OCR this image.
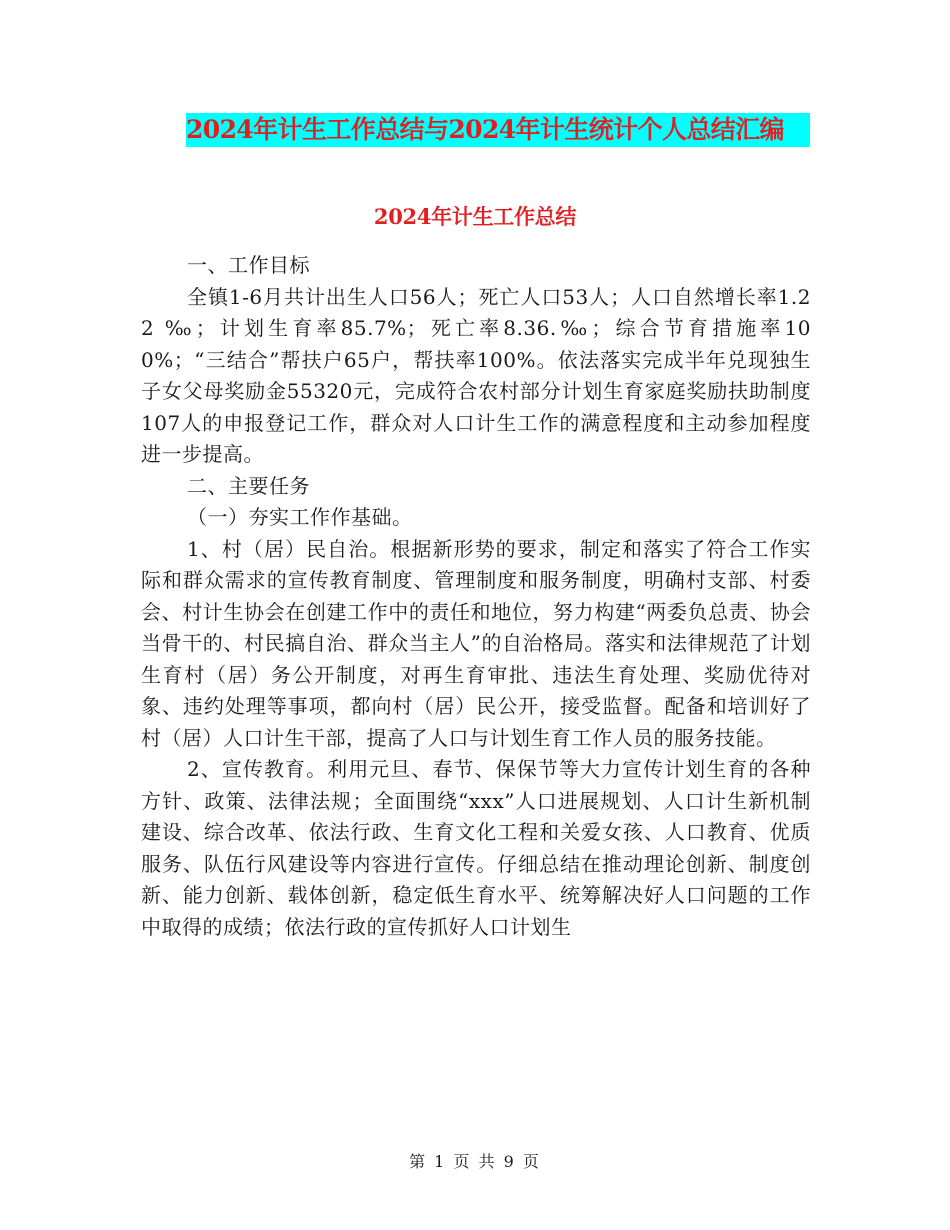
2024年计生工作总结与2024年计生统计个人总结汇编
2024年计生工作总结

一、工作目标

全镇1-6月共计出生人口56人；死亡人口53人；人口自然增长率1.22 ‰；计划生育率85.7%；死亡率8.36.‰；综合节育措施率100%；“三结合”帮扶户65户，帮扶率100%。依法落实完成半年兑现独生子女父母奖励金55320元，完成符合农村部分计划生育家庭奖励扶助制度107人的申报登记工作，群众对人口计生工作的满意程度和主动参加程度进一步提高。

二、主要任务

（一）夯实工作作基础。

1、村（居）民自治。根据新形势的要求，制定和落实了符合工作实际和群众需求的宣传教育制度、管理制度和服务制度，明确村支部、村委会、村计生协会在创建工作中的责任和地位，努力构建“两委负总责、协会当骨干的、村民搞自治、群众当主人”的自治格局。落实和法律规范了计划生育村（居）务公开制度，对再生育审批、违法生育处理、奖励优待对象、违约处理等事项，都向村（居）民公开，接受监督。配备和培训好了村（居）人口计生干部，提高了人口与计划生育工作人员的服务技能。

2、宣传教育。利用元旦、春节、保保节等大力宣传计划生育的各种方针、政策、法律法规；全面围绕“xxx”人口进展规划、人口计生新机制建设、综合改革、依法行政、生育文化工程和关爱女孩、人口教育、优质服务、队伍行风建设等内容进行宣传。仔细总结在推动理论创新、制度创新、能力创新、载体创新，稳定低生育水平、统筹解决好人口问题的工作中取得的成绩；依法行政的宣传抓好人口计划生

第 1 页 共 9 页
